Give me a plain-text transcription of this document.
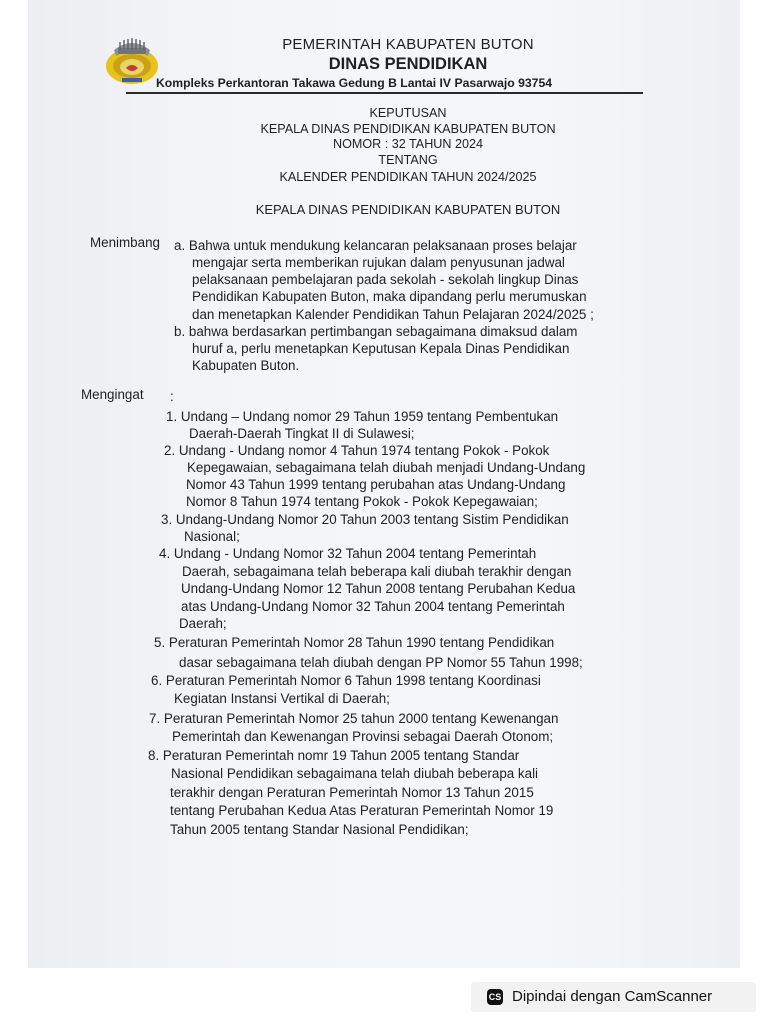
PEMERINTAH KABUPATEN BUTON
DINAS PENDIDIKAN
Kompleks Perkantoran Takawa Gedung B Lantai IV Pasarwajo 93754
KEPUTUSAN
KEPALA DINAS PENDIDIKAN KABUPATEN BUTON
NOMOR : 32 TAHUN 2024
TENTANG
KALENDER PENDIDIKAN TAHUN 2024/2025
KEPALA DINAS PENDIDIKAN KABUPATEN BUTON
Menimbang a. Bahwa untuk mendukung kelancaran pelaksanaan proses belajar
mengajar serta memberikan rujukan dalam penyusunan jadwal
pelaksanaan pembelajaran pada sekolah - sekolah lingkup Dinas
Pendidikan Kabupaten Buton, maka dipandang perlu merumuskan
dan menetapkan Kalender Pendidikan Tahun Pelajaran 2024/2025 ;
b. bahwa berdasarkan pertimbangan sebagaimana dimaksud dalam
huruf a, perlu menetapkan Keputusan Kepala Dinas Pendidikan
Kabupaten Buton.
Mengingat :
1. Undang – Undang nomor 29 Tahun 1959 tentang Pembentukan
Daerah-Daerah Tingkat II di Sulawesi;
2. Undang - Undang nomor 4 Tahun 1974 tentang Pokok - Pokok
Kepegawaian, sebagaimana telah diubah menjadi Undang-Undang
Nomor 43 Tahun 1999 tentang perubahan atas Undang-Undang
Nomor 8 Tahun 1974 tentang Pokok - Pokok Kepegawaian;
3. Undang-Undang Nomor 20 Tahun 2003 tentang Sistim Pendidikan
Nasional;
4. Undang - Undang Nomor 32 Tahun 2004 tentang Pemerintah
Daerah, sebagaimana telah beberapa kali diubah terakhir dengan
Undang-Undang Nomor 12 Tahun 2008 tentang Perubahan Kedua
atas Undang-Undang Nomor 32 Tahun 2004 tentang Pemerintah
Daerah;
5. Peraturan Pemerintah Nomor 28 Tahun 1990 tentang Pendidikan
dasar sebagaimana telah diubah dengan PP Nomor 55 Tahun 1998;
6. Peraturan Pemerintah Nomor 6 Tahun 1998 tentang Koordinasi
Kegiatan Instansi Vertikal di Daerah;
7. Peraturan Pemerintah Nomor 25 tahun 2000 tentang Kewenangan
Pemerintah dan Kewenangan Provinsi sebagai Daerah Otonom;
8. Peraturan Pemerintah nomr 19 Tahun 2005 tentang Standar
Nasional Pendidikan sebagaimana telah diubah beberapa kali
terakhir dengan Peraturan Pemerintah Nomor 13 Tahun 2015
tentang Perubahan Kedua Atas Peraturan Pemerintah Nomor 19
Tahun 2005 tentang Standar Nasional Pendidikan;
CS Dipindai dengan CamScanner
